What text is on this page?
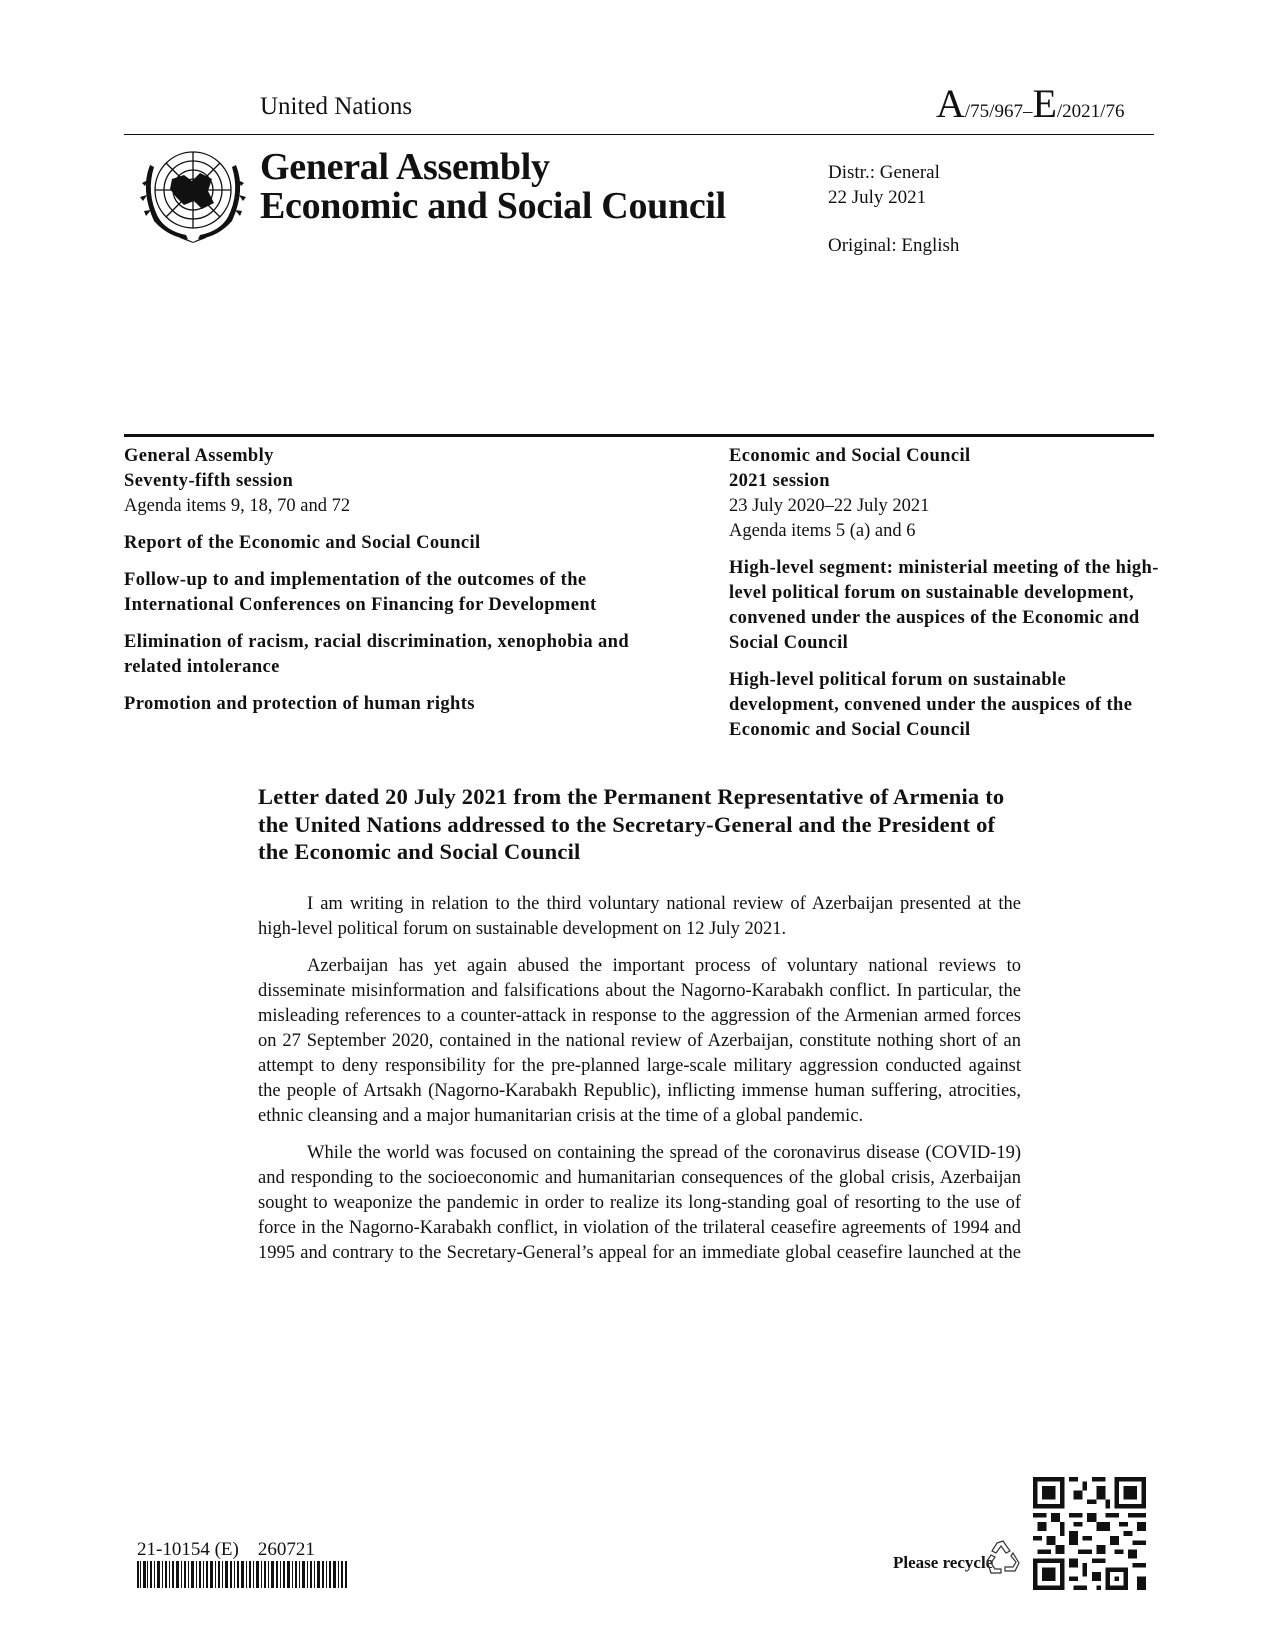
United Nations	A/75/967–E/2021/76
General Assembly
Economic and Social Council
Distr.: General
22 July 2021
Original: English
General Assembly
Seventy-fifth session
Agenda items 9, 18, 70 and 72
Report of the Economic and Social Council
Follow-up to and implementation of the outcomes of the International Conferences on Financing for Development
Elimination of racism, racial discrimination, xenophobia and related intolerance
Promotion and protection of human rights
Economic and Social Council
2021 session
23 July 2020–22 July 2021
Agenda items 5 (a) and 6
High-level segment: ministerial meeting of the high-level political forum on sustainable development, convened under the auspices of the Economic and Social Council
High-level political forum on sustainable development, convened under the auspices of the Economic and Social Council
Letter dated 20 July 2021 from the Permanent Representative of Armenia to the United Nations addressed to the Secretary-General and the President of the Economic and Social Council

I am writing in relation to the third voluntary national review of Azerbaijan presented at the high-level political forum on sustainable development on 12 July 2021.

Azerbaijan has yet again abused the important process of voluntary national reviews to disseminate misinformation and falsifications about the Nagorno-Karabakh conflict. In particular, the misleading references to a counter-attack in response to the aggression of the Armenian armed forces on 27 September 2020, contained in the national review of Azerbaijan, constitute nothing short of an attempt to deny responsibility for the pre-planned large-scale military aggression conducted against the people of Artsakh (Nagorno-Karabakh Republic), inflicting immense human suffering, atrocities, ethnic cleansing and a major humanitarian crisis at the time of a global pandemic.

While the world was focused on containing the spread of the coronavirus disease (COVID-19) and responding to the socioeconomic and humanitarian consequences of the global crisis, Azerbaijan sought to weaponize the pandemic in order to realize its long-standing goal of resorting to the use of force in the Nagorno-Karabakh conflict, in violation of the trilateral ceasefire agreements of 1994 and 1995 and contrary to the Secretary-General’s appeal for an immediate global ceasefire launched at the

21-10154 (E)    260721
Please recycle
